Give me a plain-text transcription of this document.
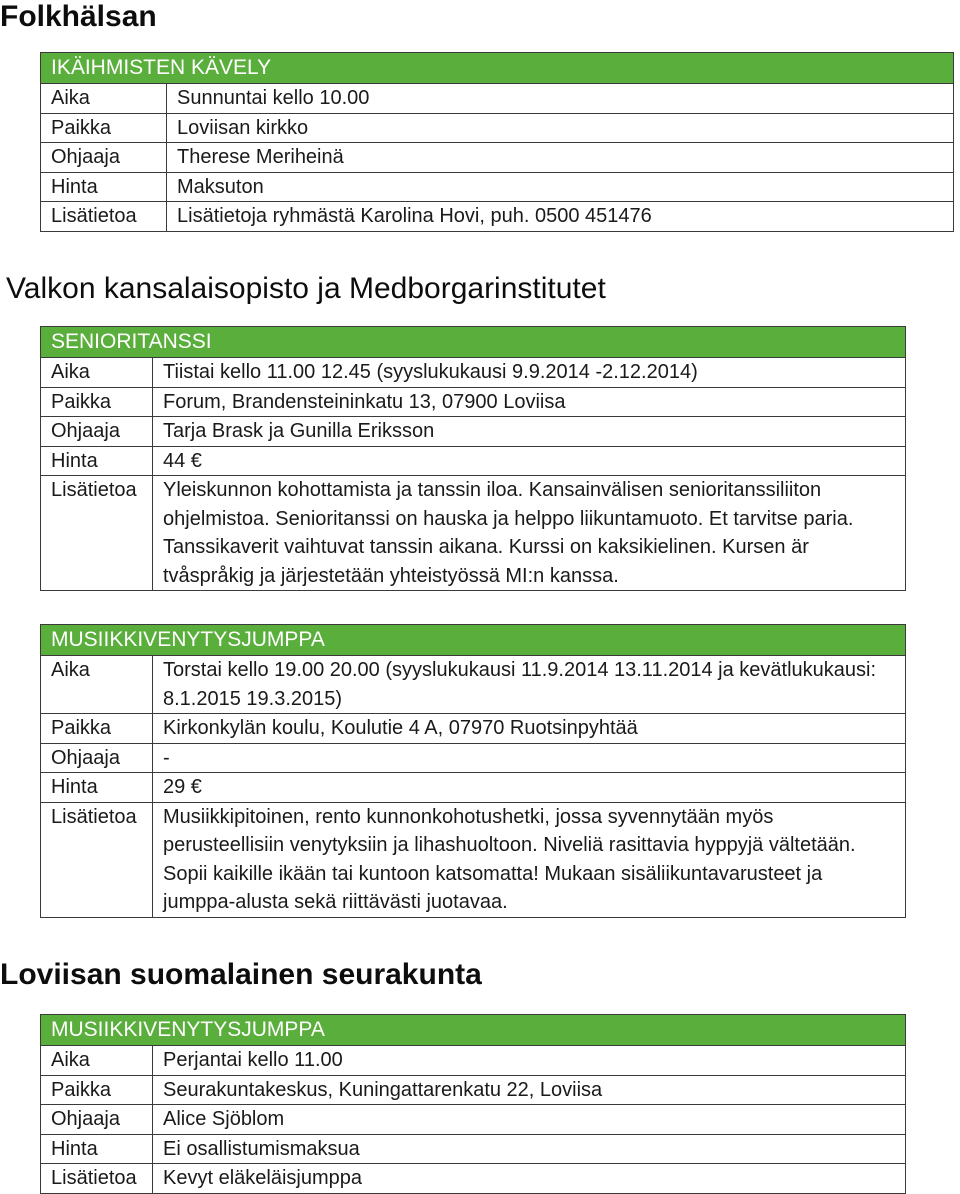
Folkhälsan
IKÄIHMISTEN KÄVELY	
Aika	Sunnuntai kello 10.00
Paikka	Loviisan kirkko
Ohjaaja	Therese Meriheinä
Hinta	Maksuton
Lisätietoa	Lisätietoja ryhmästä Karolina Hovi, puh. 0500 451476
Valkon kansalaisopisto ja Medborgarinstitutet
SENIORITANSSI	
Aika	Tiistai kello 11.00 12.45 (syyslukukausi 9.9.2014 -2.12.2014)
Paikka	Forum, Brandensteininkatu 13, 07900 Loviisa
Ohjaaja	Tarja Brask ja Gunilla Eriksson
Hinta	44 €
Lisätietoa	Yleiskunnon kohottamista ja tanssin iloa. Kansainvälisen senioritanssiliiton ohjelmistoa. Senioritanssi on hauska ja helppo liikuntamuoto. Et tarvitse paria. Tanssikaverit vaihtuvat tanssin aikana. Kurssi on kaksikielinen. Kursen är tvåspråkig ja järjestetään yhteistyössä MI:n kanssa.
MUSIIKKIVENYTYSJUMPPA	
Aika	Torstai kello 19.00 20.00 (syyslukukausi 11.9.2014 13.11.2014 ja kevätlukukausi: 8.1.2015 19.3.2015)
Paikka	Kirkonkylän koulu, Koulutie 4 A, 07970 Ruotsinpyhtää
Ohjaaja	-
Hinta	29 €
Lisätietoa	Musiikkipitoinen, rento kunnonkohotushetki, jossa syvennytään myös perusteellisiin venytyksiin ja lihashuoltoon. Niveliä rasittavia hyppyjä vältetään. Sopii kaikille ikään tai kuntoon katsomatta! Mukaan sisäliikuntavarusteet ja jumppa-alusta sekä riittävästi juotavaa.
Loviisan suomalainen seurakunta
MUSIIKKIVENYTYSJUMPPA	
Aika	Perjantai kello 11.00
Paikka	Seurakuntakeskus, Kuningattarenkatu 22, Loviisa
Ohjaaja	Alice Sjöblom
Hinta	Ei osallistumismaksua
Lisätietoa	Kevyt eläkeläisjumppa
